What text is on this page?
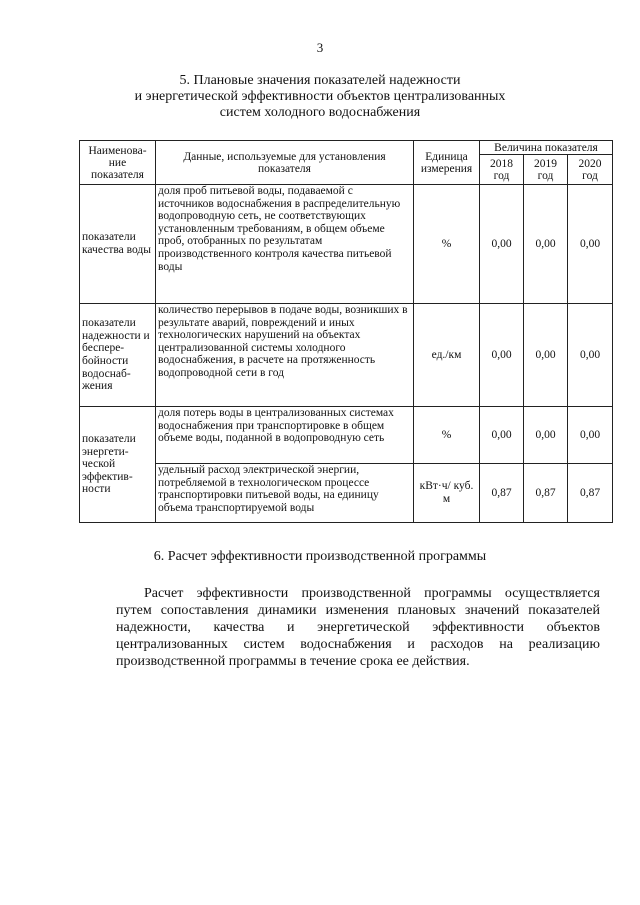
3
5. Плановые значения показателей надежности
и энергетической эффективности объектов централизованных
систем холодного водоснабжения
Наименова-ние показателя	Данные, используемые для установления показателя	Единица измерения	Величина показателя		
			2018 год	2019 год	2020 год
показатели качества воды	доля проб питьевой воды, подаваемой с источников водоснабжения в распределительную водопроводную сеть, не соответствующих установленным требованиям, в общем объеме проб, отобранных по результатам производственного контроля качества питьевой воды	%	0,00	0,00	0,00
показатели надежности и беспере-бойности водоснаб-жения	количество перерывов в подаче воды, возникших в результате аварий, повреждений и иных технологических нарушений на объектах централизованной системы холодного водоснабжения, в расчете на протяженность водопроводной сети в год	ед./км	0,00	0,00	0,00
показатели энергети-ческой эффектив-ности	доля потерь воды в централизованных системах водоснабжения при транспортировке в общем объеме воды, поданной в водопроводную сеть	%	0,00	0,00	0,00
	удельный расход электрической энергии, потребляемой в технологическом процессе транспортировки питьевой воды, на единицу объема транспортируемой воды	кВт·ч/ куб. м	0,87	0,87	0,87
6. Расчет эффективности производственной программы
Расчет эффективности производственной программы осуществляется путем сопоставления динамики изменения плановых значений показателей надежности, качества и энергетической эффективности объектов централизованных систем водоснабжения и расходов на реализацию производственной программы в течение срока ее действия.
